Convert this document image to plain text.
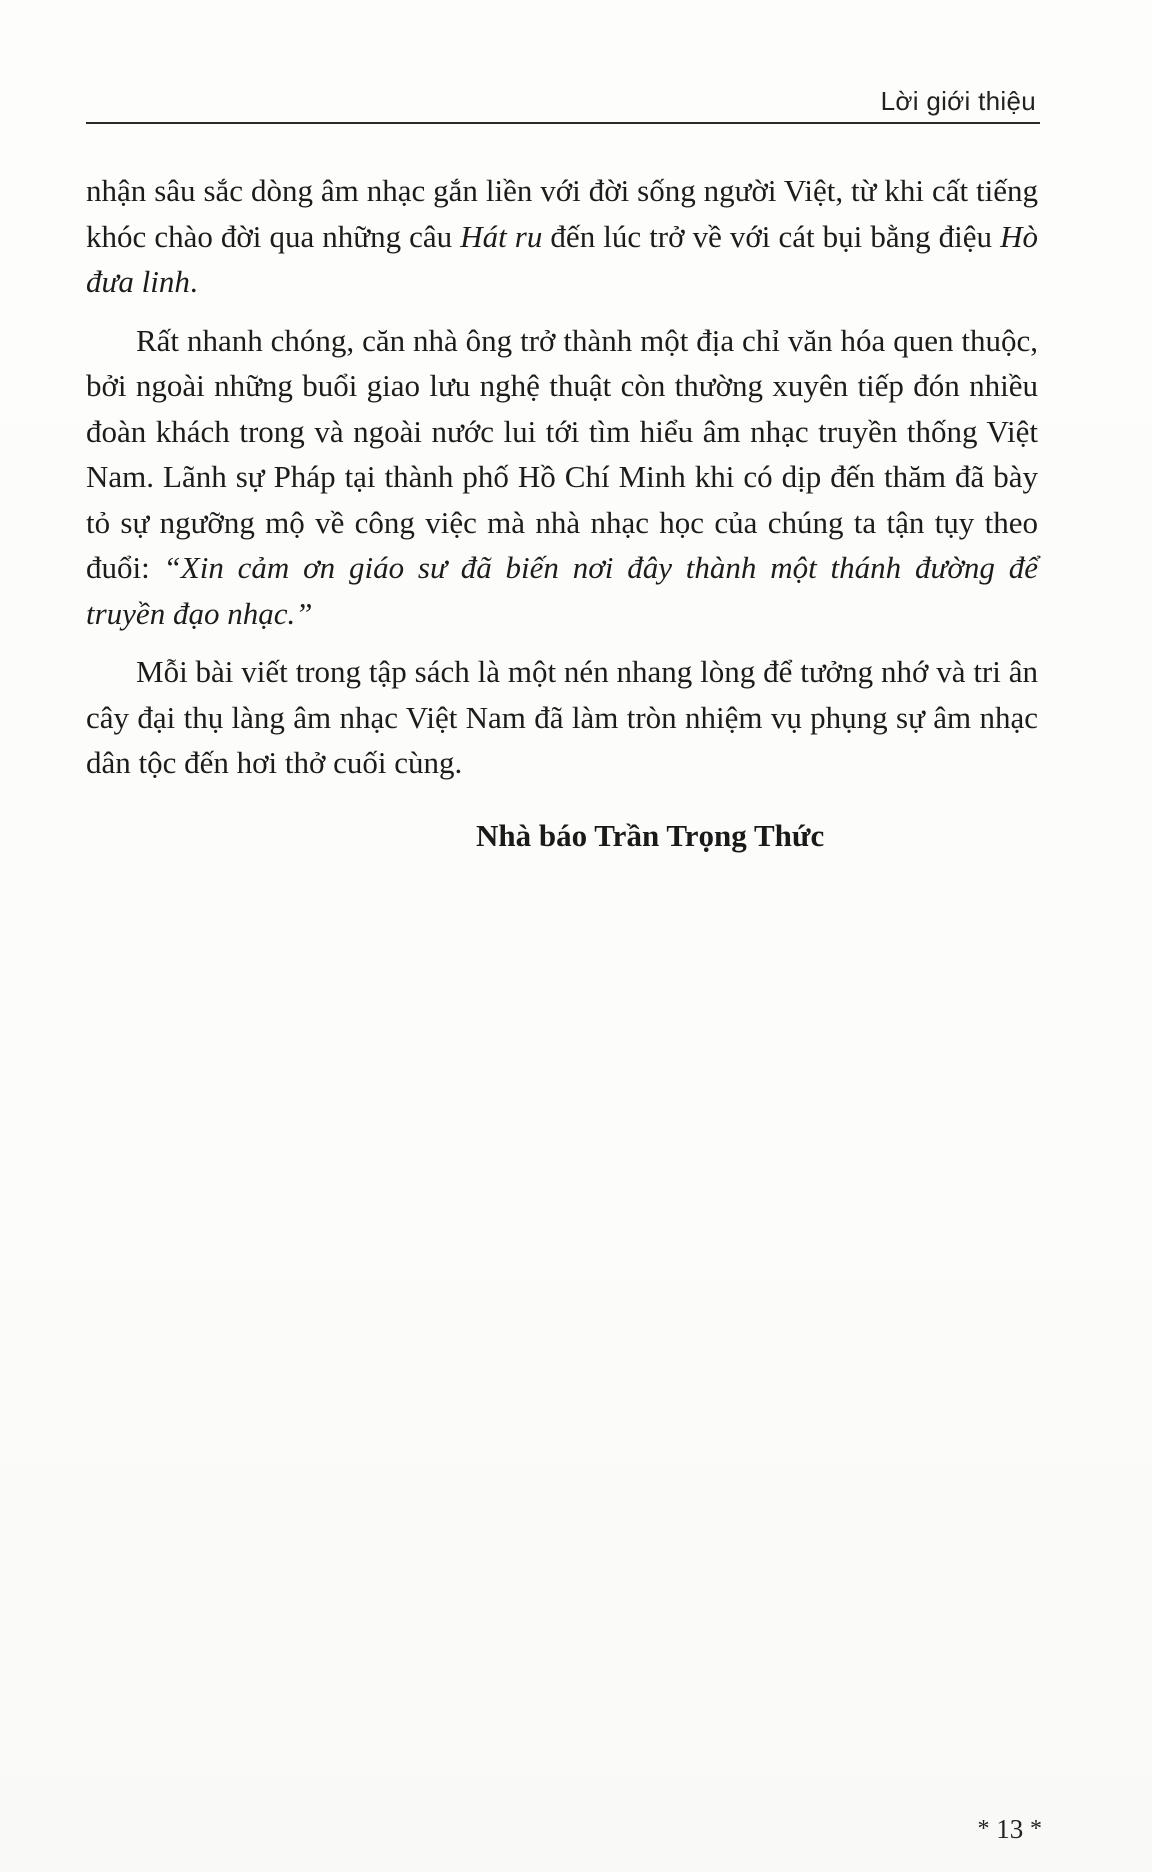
Lời giới thiệu

nhận sâu sắc dòng âm nhạc gắn liền với đời sống người Việt, từ khi cất tiếng khóc chào đời qua những câu Hát ru đến lúc trở về với cát bụi bằng điệu Hò đưa linh.

Rất nhanh chóng, căn nhà ông trở thành một địa chỉ văn hóa quen thuộc, bởi ngoài những buổi giao lưu nghệ thuật còn thường xuyên tiếp đón nhiều đoàn khách trong và ngoài nước lui tới tìm hiểu âm nhạc truyền thống Việt Nam. Lãnh sự Pháp tại thành phố Hồ Chí Minh khi có dịp đến thăm đã bày tỏ sự ngưỡng mộ về công việc mà nhà nhạc học của chúng ta tận tụy theo đuổi: “Xin cảm ơn giáo sư đã biến nơi đây thành một thánh đường để truyền đạo nhạc.”

Mỗi bài viết trong tập sách là một nén nhang lòng để tưởng nhớ và tri ân cây đại thụ làng âm nhạc Việt Nam đã làm tròn nhiệm vụ phụng sự âm nhạc dân tộc đến hơi thở cuối cùng.

Nhà báo Trần Trọng Thức
* 13 *
